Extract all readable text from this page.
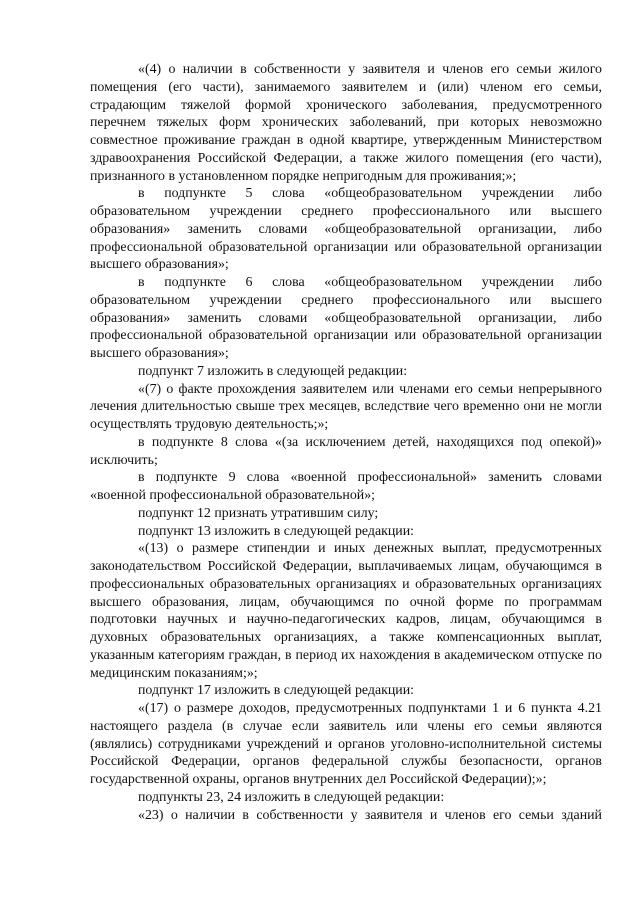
«(4) о наличии в собственности у заявителя и членов его семьи жилого помещения (его части), занимаемого заявителем и (или) членом его семьи, страдающим тяжелой формой хронического заболевания, предусмотренного перечнем тяжелых форм хронических заболеваний, при которых невозможно совместное проживание граждан в одной квартире, утвержденным Министерством здравоохранения Российской Федерации, а также жилого помещения (его части), признанного в установленном порядке непригодным для проживания;»;

в подпункте 5 слова «общеобразовательном учреждении либо образовательном учреждении среднего профессионального или высшего образования» заменить словами «общеобразовательной организации, либо профессиональной образовательной организации или образовательной организации высшего образования»;

в подпункте 6 слова «общеобразовательном учреждении либо образовательном учреждении среднего профессионального или высшего образования» заменить словами «общеобразовательной организации, либо профессиональной образовательной организации или образовательной организации высшего образования»;

подпункт 7 изложить в следующей редакции:

«(7) о факте прохождения заявителем или членами его семьи непрерывного лечения длительностью свыше трех месяцев, вследствие чего временно они не могли осуществлять трудовую деятельность;»;

в подпункте 8 слова «(за исключением детей, находящихся под опекой)» исключить;

в подпункте 9 слова «военной профессиональной» заменить словами «военной профессиональной образовательной»;

подпункт 12 признать утратившим силу;

подпункт 13 изложить в следующей редакции:

«(13) о размере стипендии и иных денежных выплат, предусмотренных законодательством Российской Федерации, выплачиваемых лицам, обучающимся в профессиональных образовательных организациях и образовательных организациях высшего образования, лицам, обучающимся по очной форме по программам подготовки научных и научно-педагогических кадров, лицам, обучающимся в духовных образовательных организациях, а также компенсационных выплат, указанным категориям граждан, в период их нахождения в академическом отпуске по медицинским показаниям;»;

подпункт 17 изложить в следующей редакции:

«(17) о размере доходов, предусмотренных подпунктами 1 и 6 пункта 4.21 настоящего раздела (в случае если заявитель или члены его семьи являются (являлись) сотрудниками учреждений и органов уголовно-исполнительной системы Российской Федерации, органов федеральной службы безопасности, органов государственной охраны, органов внутренних дел Российской Федерации);»;

подпункты 23, 24 изложить в следующей редакции:

«23) о наличии в собственности у заявителя и членов его семьи зданий
